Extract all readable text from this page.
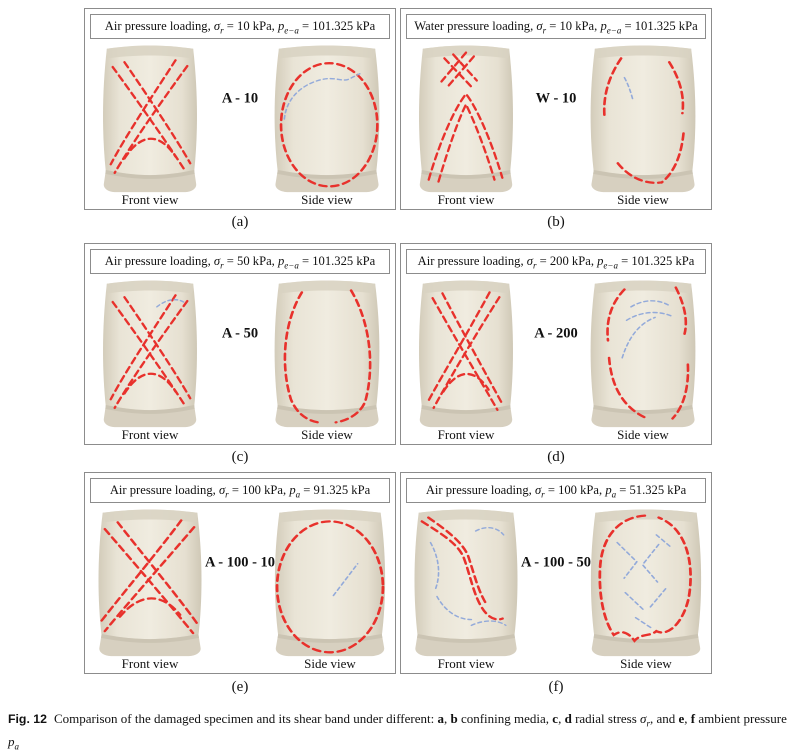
Air pressure loading, $\sigma_r = 10$ kPa, $p_{e-a} = 101.325$ kPa
A - 10
Front view	Side view
(a)
Water pressure loading, $\sigma_r = 10$ kPa, $p_{e-a} = 101.325$ kPa
W - 10
Front view	Side view
(b)
Air pressure loading, $\sigma_r = 50$ kPa, $p_{e-a} = 101.325$ kPa
A - 50
Front view	Side view
(c)
Air pressure loading, $\sigma_r = 200$ kPa, $p_{e-a} = 101.325$ kPa
A - 200
Front view	Side view
(d)
Air pressure loading, $\sigma_r = 100$ kPa, $p_a = 91.325$ kPa
A - 100 - 10
Front view	Side view
(e)
Air pressure loading, $\sigma_r = 100$ kPa, $p_a = 51.325$ kPa
A - 100 - 50
Front view	Side view
(f)
Fig. 12 Comparison of the damaged specimen and its shear band under different: a, b confining media, c, d radial stress $\sigma_r$, and e, f ambient pressure $p_a$
